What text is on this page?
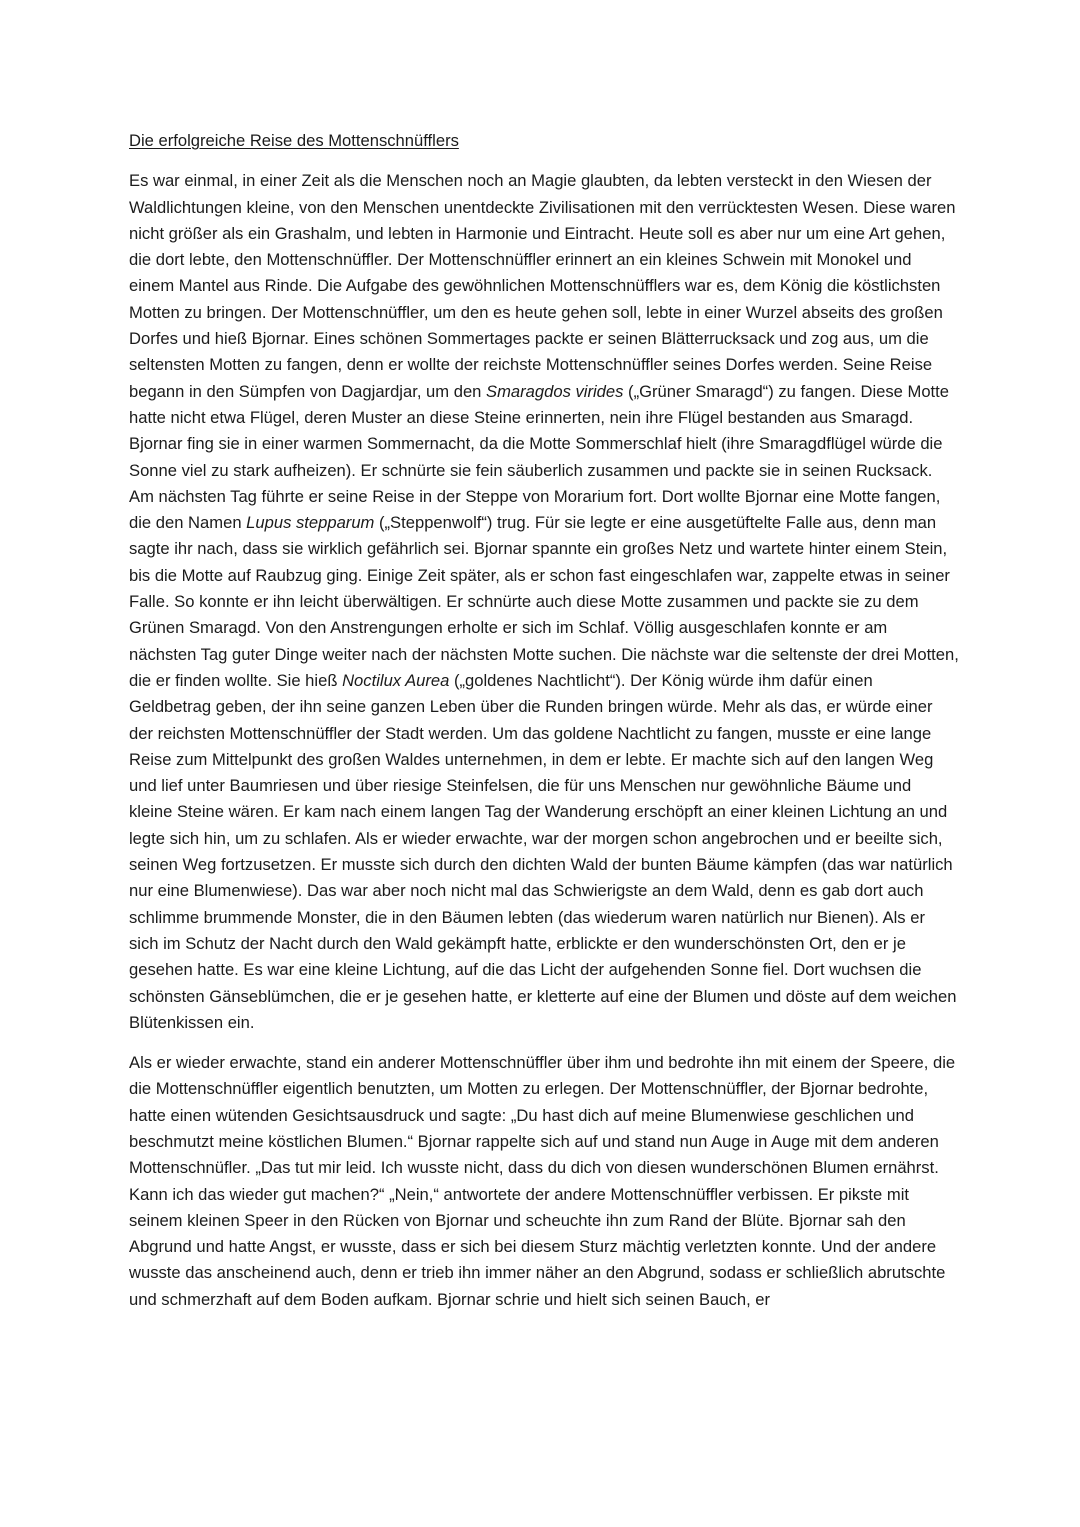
Die erfolgreiche Reise des Mottenschnüfflers

Es war einmal, in einer Zeit als die Menschen noch an Magie glaubten, da lebten versteckt in den Wiesen der Waldlichtungen kleine, von den Menschen unentdeckte Zivilisationen mit den verrücktesten Wesen. Diese waren nicht größer als ein Grashalm, und lebten in Harmonie und Eintracht. Heute soll es aber nur um eine Art gehen, die dort lebte, den Mottenschnüffler. Der Mottenschnüffler erinnert an ein kleines Schwein mit Monokel und einem Mantel aus Rinde. Die Aufgabe des gewöhnlichen Mottenschnüfflers war es, dem König die köstlichsten Motten zu bringen. Der Mottenschnüffler, um den es heute gehen soll, lebte in einer Wurzel abseits des großen Dorfes und hieß Bjornar. Eines schönen Sommertages packte er seinen Blätterrucksack und zog aus, um die seltensten Motten zu fangen, denn er wollte der reichste Mottenschnüffler seines Dorfes werden. Seine Reise begann in den Sümpfen von Dagjardjar, um den Smaragdos virides („Grüner Smaragd“) zu fangen. Diese Motte hatte nicht etwa Flügel, deren Muster an diese Steine erinnerten, nein ihre Flügel bestanden aus Smaragd. Bjornar fing sie in einer warmen Sommernacht, da die Motte Sommerschlaf hielt (ihre Smaragdflügel würde die Sonne viel zu stark aufheizen). Er schnürte sie fein säuberlich zusammen und packte sie in seinen Rucksack. Am nächsten Tag führte er seine Reise in der Steppe von Morarium fort. Dort wollte Bjornar eine Motte fangen, die den Namen Lupus stepparum („Steppenwolf“) trug. Für sie legte er eine ausgetüftelte Falle aus, denn man sagte ihr nach, dass sie wirklich gefährlich sei. Bjornar spannte ein großes Netz und wartete hinter einem Stein, bis die Motte auf Raubzug ging. Einige Zeit später, als er schon fast eingeschlafen war, zappelte etwas in seiner Falle. So konnte er ihn leicht überwältigen. Er schnürte auch diese Motte zusammen und packte sie zu dem Grünen Smaragd. Von den Anstrengungen erholte er sich im Schlaf. Völlig ausgeschlafen konnte er am nächsten Tag guter Dinge weiter nach der nächsten Motte suchen. Die nächste war die seltenste der drei Motten, die er finden wollte. Sie hieß Noctilux Aurea („goldenes Nachtlicht“). Der König würde ihm dafür einen Geldbetrag geben, der ihn seine ganzen Leben über die Runden bringen würde. Mehr als das, er würde einer der reichsten Mottenschnüffler der Stadt werden. Um das goldene Nachtlicht zu fangen, musste er eine lange Reise zum Mittelpunkt des großen Waldes unternehmen, in dem er lebte. Er machte sich auf den langen Weg und lief unter Baumriesen und über riesige Steinfelsen, die für uns Menschen nur gewöhnliche Bäume und kleine Steine wären. Er kam nach einem langen Tag der Wanderung erschöpft an einer kleinen Lichtung an und legte sich hin, um zu schlafen. Als er wieder erwachte, war der morgen schon angebrochen und er beeilte sich, seinen Weg fortzusetzen. Er musste sich durch den dichten Wald der bunten Bäume kämpfen (das war natürlich nur eine Blumenwiese). Das war aber noch nicht mal das Schwierigste an dem Wald, denn es gab dort auch schlimme brummende Monster, die in den Bäumen lebten (das wiederum waren natürlich nur Bienen). Als er sich im Schutz der Nacht durch den Wald gekämpft hatte, erblickte er den wunderschönsten Ort, den er je gesehen hatte. Es war eine kleine Lichtung, auf die das Licht der aufgehenden Sonne fiel. Dort wuchsen die schönsten Gänseblümchen, die er je gesehen hatte, er kletterte auf eine der Blumen und döste auf dem weichen Blütenkissen ein.

Als er wieder erwachte, stand ein anderer Mottenschnüffler über ihm und bedrohte ihn mit einem der Speere, die die Mottenschnüffler eigentlich benutzten, um Motten zu erlegen. Der Mottenschnüffler, der Bjornar bedrohte, hatte einen wütenden Gesichtsausdruck und sagte: „Du hast dich auf meine Blumenwiese geschlichen und beschmutzt meine köstlichen Blumen.“ Bjornar rappelte sich auf und stand nun Auge in Auge mit dem anderen Mottenschnüfler. „Das tut mir leid. Ich wusste nicht, dass du dich von diesen wunderschönen Blumen ernährst. Kann ich das wieder gut machen?“ „Nein,“ antwortete der andere Mottenschnüffler verbissen. Er pikste mit seinem kleinen Speer in den Rücken von Bjornar und scheuchte ihn zum Rand der Blüte. Bjornar sah den Abgrund und hatte Angst, er wusste, dass er sich bei diesem Sturz mächtig verletzten konnte. Und der andere wusste das anscheinend auch, denn er trieb ihn immer näher an den Abgrund, sodass er schließlich abrutschte und schmerzhaft auf dem Boden aufkam. Bjornar schrie und hielt sich seinen Bauch, er
